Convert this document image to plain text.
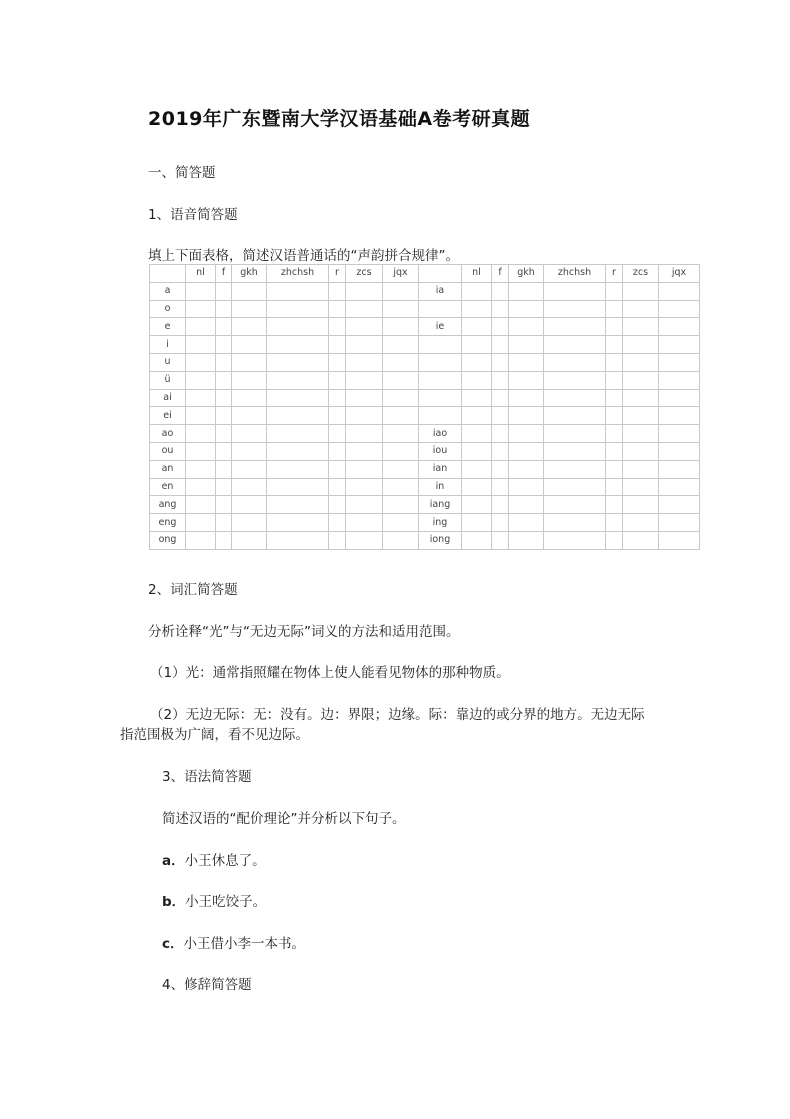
2019年广东暨南大学汉语基础A卷考研真题
一、简答题
1、语音简答题
填上下面表格，简述汉语普通话的“声韵拼合规律”。
	nl	f	gkh	zhchsh	r	zcs	jqx		nl	f	gkh	zhchsh	r	zcs	jqx
a								ia							
o															
e								ie							
i															
u															
ü															
ai															
ei															
ao								iao							
ou								iou							
an								ian							
en								in							
ang								iang							
eng								ing							
ong								iong							
2、词汇简答题
分析诠释“光”与“无边无际”词义的方法和适用范围。
（1）光：通常指照耀在物体上使人能看见物体的那种物质。
（2）无边无际：无：没有。边：界限；边缘。际：靠边的或分界的地方。无边无际
指范围极为广阔，看不见边际。
3、语法简答题
简述汉语的“配价理论”并分析以下句子。
a．小王休息了。
b．小王吃饺子。
c．小王借小李一本书。
4、修辞简答题
